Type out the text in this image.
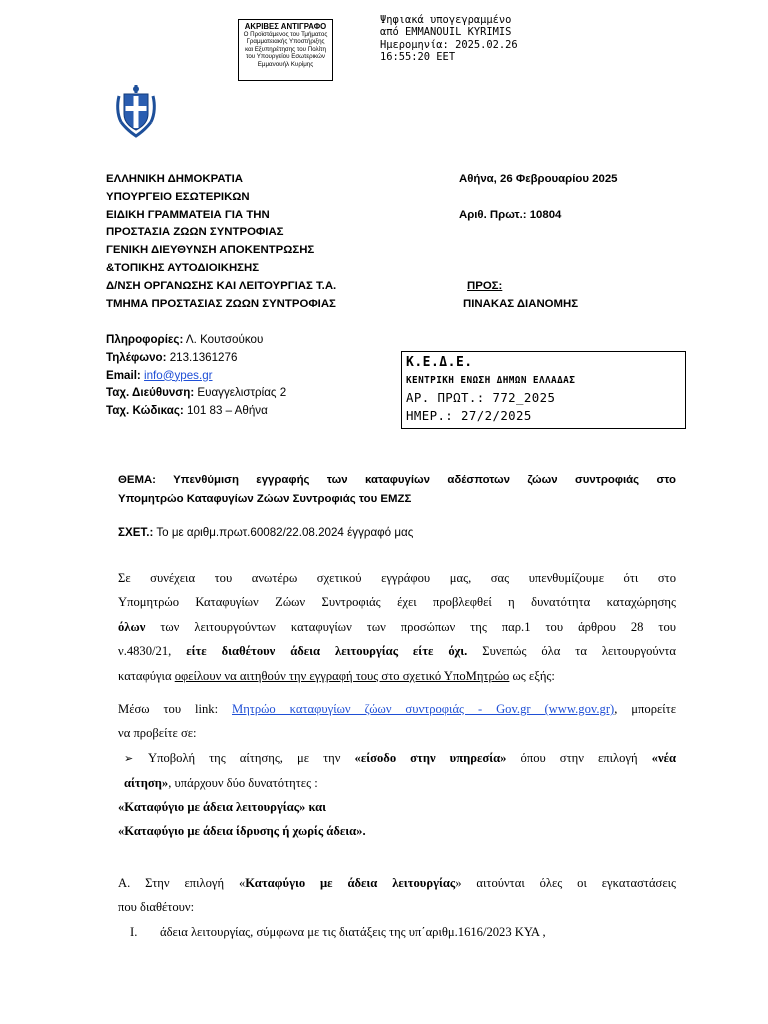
ΑΚΡΙΒΕΣ ΑΝΤΙΓΡΑΦΟ
Ο Προϊστάμενος του Τμήματος
Γραμματειακής Υποστήριξης
και Εξυπηρέτησης του Πολίτη
του Υπουργείου Εσωτερικών
Εμμανουήλ Κυρίμης
Ψηφιακά υπογεγραμμένο
από EMMANOUIL KYRIMIS
Ημερομηνία: 2025.02.26
16:55:20 EET
ΕΛΛΗΝΙΚΗ ΔΗΜΟΚΡΑΤΙΑ
ΥΠΟΥΡΓΕΙΟ ΕΣΩΤΕΡΙΚΩΝ
ΕΙΔΙΚΗ ΓΡΑΜΜΑΤΕΙΑ ΓΙΑ ΤΗΝ
ΠΡΟΣΤΑΣΙΑ ΖΩΩΝ ΣΥΝΤΡΟΦΙΑΣ
ΓΕΝΙΚΗ ΔΙΕΥΘΥΝΣΗ ΑΠΟΚΕΝΤΡΩΣΗΣ
&ΤΟΠΙΚΗΣ ΑΥΤΟΔΙΟΙΚΗΣΗΣ
Δ/ΝΣΗ ΟΡΓΑΝΩΣΗΣ ΚΑΙ ΛΕΙΤΟΥΡΓΙΑΣ Τ.Α.
ΤΜΗΜΑ ΠΡΟΣΤΑΣΙΑΣ ΖΩΩΝ ΣΥΝΤΡΟΦΙΑΣ
Αθήνα, 26 Φεβρουαρίου 2025
Αριθ. Πρωτ.: 10804
ΠΡΟΣ:
ΠΙΝΑΚΑΣ ΔΙΑΝΟΜΗΣ
Πληροφορίες: Λ. Κουτσούκου
Τηλέφωνο: 213.1361276
Email: info@ypes.gr
Ταχ. Διεύθυνση: Ευαγγελιστρίας 2
Ταχ. Κώδικας: 101 83 – Αθήνα
Κ.Ε.Δ.Ε.
ΚΕΝΤΡΙΚΗ ΕΝΩΣΗ ΔΗΜΩΝ ΕΛΛΑΔΑΣ
ΑΡ. ΠΡΩΤ.: 772_2025
ΗΜΕΡ.: 27/2/2025
ΘΕΜΑ: Υπενθύμιση εγγραφής των καταφυγίων αδέσποτων ζώων συντροφιάς στο
Υπομητρώο Καταφυγίων Ζώων Συντροφιάς του ΕΜΖΣ
ΣΧΕΤ.: Το με αριθμ.πρωτ.60082/22.08.2024 έγγραφό μας
Σε συνέχεια του ανωτέρω σχετικού εγγράφου μας, σας υπενθυμίζουμε ότι στο
Υπομητρώο Καταφυγίων Ζώων Συντροφιάς έχει προβλεφθεί η δυνατότητα καταχώρησης
όλων των λειτουργούντων καταφυγίων των προσώπων της παρ.1 του άρθρου 28 του
ν.4830/21, είτε διαθέτουν άδεια λειτουργίας είτε όχι. Συνεπώς όλα τα λειτουργούντα
καταφύγια οφείλουν να αιτηθούν την εγγραφή τους στο σχετικό ΥποΜητρώο ως εξής:
Μέσω του link: Μητρώο καταφυγίων ζώων συντροφιάς - Gov.gr (www.gov.gr), μπορείτε
να προβείτε σε:
➢ Υποβολή της αίτησης, με την «είσοδο στην υπηρεσία» όπου στην επιλογή «νέα
αίτηση», υπάρχουν δύο δυνατότητες :
«Καταφύγιο με άδεια λειτουργίας» και
«Καταφύγιο με άδεια ίδρυσης ή χωρίς άδεια».
Α. Στην επιλογή «Καταφύγιο με άδεια λειτουργίας» αιτούνται όλες οι εγκαταστάσεις
που διαθέτουν:
I. άδεια λειτουργίας, σύμφωνα με τις διατάξεις της υπ΄αριθμ.1616/2023 ΚΥΑ ,
